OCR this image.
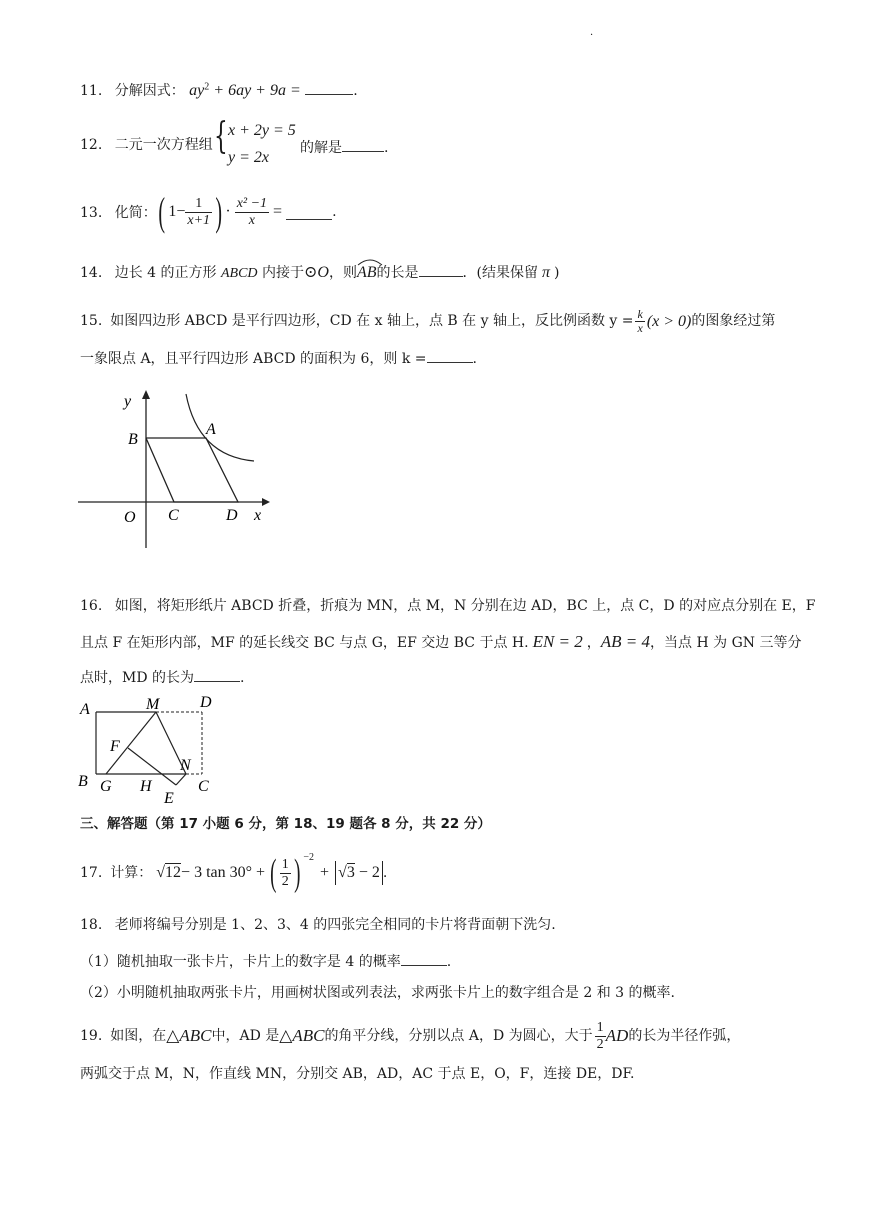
·
11. 分解因式： $ay^2 + 6ay + 9a$ =	.
12. 二元一次方程组 { x + 2y = 5
y = 2x
的解是	.
13. 化简： ( $1- \frac{1}{x+1}$ ) · $\frac{\text{x² −1}}{x}$ =	.
14. 边长 4 的正方形 ABCD 内接于⊙O，则
AB的长是	．(结果保留 π )
15. 如图四边形 ABCD 是平行四边形，CD 在 x 轴上，点 B 在 y 轴上，反比例函数 $y = \frac{k}{x} (x > 0)$ 的图象经过第
一象限点 A，且平行四边形 ABCD 的面积为 6，则 k =	.
y
B
A
O C	D x
16. 如图，将矩形纸片 ABCD 折叠，折痕为 MN，点 M，N 分别在边 AD，BC 上，点 C，D 的对应点分别在 E，F
且点 F 在矩形内部，MF 的延长线交 BC 与点 G，EF 交边 BC 于点 H. EN = 2 ，AB = 4，当点 H 为 GN 三等分
点时，MD 的长为	.
A	M	D
F
N
B G H
E
C
三、解答题（第 17 小题 6 分，第 18、19 题各 8 分，共 22 分）
17. 计算： √12 − 3 tan 30° + ( $\frac{1}{2}$ ) $^{-2}$
+ √3 − 2 .
18. 老师将编号分别是 1、2、3、4 的四张完全相同的卡片将背面朝下洗匀.
（1）随机抽取一张卡片，卡片上的数字是 4 的概率	.
（2）小明随机抽取两张卡片，用画树状图或列表法，求两张卡片上的数字组合是 2 和 3 的概率.
19. 如图，在 △ABC 中，AD 是 △ABC 的角平分线，分别以点 A，D 为圆心，大于 $\frac{1}{2}$ AD 的长为半径作弧，
两弧交于点 M，N，作直线 MN，分别交 AB，AD，AC 于点 E，O，F，连接 DE，DF.
